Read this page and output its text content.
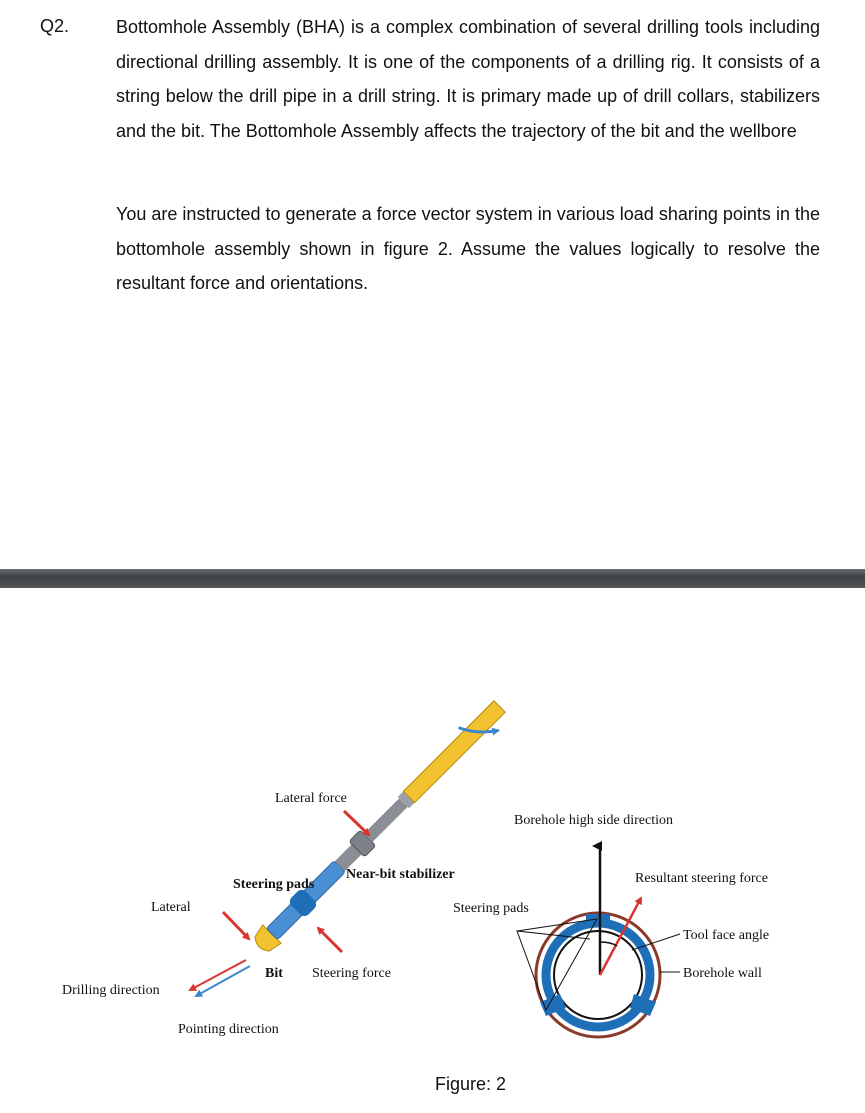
Q2.	Bottomhole Assembly (BHA) is a complex combination of several drilling tools including directional drilling assembly. It is one of the components of a drilling rig. It consists of a string below the drill pipe in a drill string. It is primary made up of drill collars, stabilizers and the bit. The Bottomhole Assembly affects the trajectory of the bit and the wellbore

You are instructed to generate a force vector system in various load sharing points in the bottomhole assembly shown in figure 2. Assume the values logically to resolve the resultant force and orientations.

Lateral force
Steering pads
Near-bit stabilizer
Lateral
Bit Steering force
Drilling direction
Pointing direction
Borehole high side direction
Resultant steering force
Steering pads
Tool face angle
Borehole wall
Figure: 2
